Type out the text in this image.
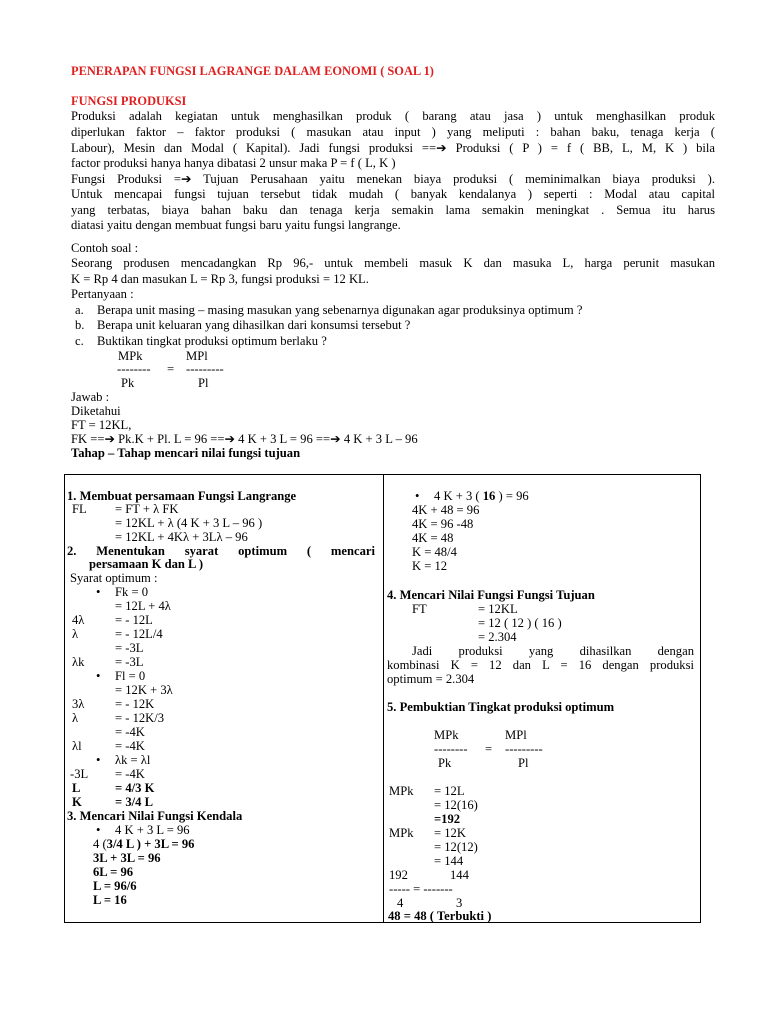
PENERAPAN FUNGSI LAGRANGE DALAM EONOMI ( SOAL 1)
FUNGSI PRODUKSI
Produksi adalah kegiatan untuk menghasilkan produk ( barang atau jasa ) untuk menghasilkan produk
diperlukan faktor – faktor produksi ( masukan atau input ) yang meliputi : bahan baku, tenaga kerja (
Labour), Mesin dan Modal ( Kapital). Jadi fungsi produksi ==➔ Produksi ( P ) = f ( BB, L, M, K ) bila
factor produksi hanya hanya dibatasi 2 unsur maka P = f ( L, K )
Fungsi Produksi =➔ Tujuan Perusahaan yaitu menekan biaya produksi ( meminimalkan biaya produksi ).
Untuk mencapai fungsi tujuan tersebut tidak mudah ( banyak kendalanya ) seperti : Modal atau capital
yang terbatas, biaya bahan baku dan tenaga kerja semakin lama semakin meningkat . Semua itu harus
diatasi yaitu dengan membuat fungsi baru yaitu fungsi langrange.
Contoh soal :
Seorang produsen mencadangkan Rp 96,- untuk membeli masuk K dan masuka L, harga perunit masukan
K = Rp 4 dan masukan L = Rp 3, fungsi produksi = 12 KL.
Pertanyaan :
a. Berapa unit masing – masing masukan yang sebenarnya digunakan agar produksinya optimum ?
b. Berapa unit keluaran yang dihasilkan dari konsumsi tersebut ?
c. Buktikan tingkat produksi optimum berlaku ?
MPk	MPl
-------- = ---------
Pk	Pl
Jawab :
Diketahui
FT = 12KL,
FK ==➔ Pk.K + Pl. L = 96 ==➔ 4 K + 3 L = 96 ==➔ 4 K + 3 L – 96
Tahap – Tahap mencari nilai fungsi tujuan
1. Membuat persamaan Fungsi Langrange
FL = FT + λ FK
= 12KL + λ (4 K + 3 L – 96 )
= 12KL + 4Kλ + 3Lλ – 96
2. Menentukan syarat optimum ( mencari
persamaan K dan L )
Syarat optimum :
• Fk = 0
= 12L + 4λ
4λ = - 12L
λ	= - 12L/4
= -3L
λk = -3L
• Fl = 0
= 12K + 3λ
3λ = - 12K
λ	= - 12K/3
= -4K
λl	= -4K
• λk = λl
-3L = -4K
L	= 4/3 K
K	= 3/4 L
3. Mencari Nilai Fungsi Kendala
• 4 K + 3 L = 96
4 (3/4 L ) + 3L = 96
3L + 3L = 96
6L = 96
L = 96/6
L = 16
• 4 K + 3 ( 16 ) = 96
4K + 48 = 96
4K = 96 -48
4K = 48
K = 48/4
K = 12
4. Mencari Nilai Fungsi Fungsi Tujuan
FT	= 12KL
= 12 ( 12 ) ( 16 )
= 2.304
Jadi produksi yang dihasilkan dengan
kombinasi K = 12 dan L = 16 dengan produksi
optimum = 2.304
5. Pembuktian Tingkat produksi optimum
MPk	MPl
-------- = ---------
Pk	Pl
MPk = 12L
= 12(16)
=192
MPk = 12K
= 12(12)
= 144
192	144
----- = -------
4	3
48 = 48 ( Terbukti )
